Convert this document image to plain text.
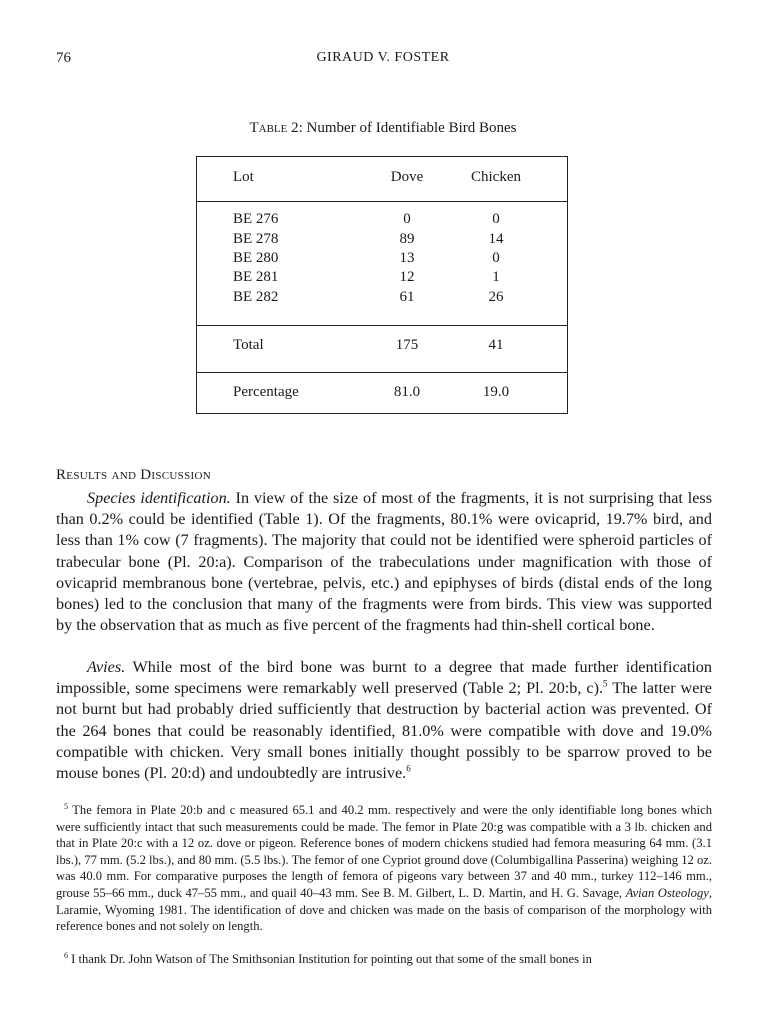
76	GIRAUD V. FOSTER
Table 2: Number of Identifiable Bird Bones
Lot	Dove	Chicken
BE 276	0	0
BE 278	89	14
BE 280	13	0
BE 281	12	1
BE 282	61	26
Total	175	41
Percentage	81.0	19.0
Results and Discussion

Species identification. In view of the size of most of the fragments, it is not surprising that less than 0.2% could be identified (Table 1). Of the fragments, 80.1% were ovicaprid, 19.7% bird, and less than 1% cow (7 fragments). The majority that could not be identified were spheroid particles of trabecular bone (Pl. 20:a). Comparison of the trabeculations under magnification with those of ovicaprid membranous bone (vertebrae, pelvis, etc.) and epiphyses of birds (distal ends of the long bones) led to the conclusion that many of the fragments were from birds. This view was supported by the observation that as much as five percent of the fragments had thin-shell cortical bone.

Avies. While most of the bird bone was burnt to a degree that made further identification impossible, some specimens were remarkably well preserved (Table 2; Pl. 20:b, c).$^5$ The latter were not burnt but had probably dried sufficiently that destruction by bacterial action was prevented. Of the 264 bones that could be reasonably identified, 81.0% were compatible with dove and 19.0% compatible with chicken. Very small bones initially thought possibly to be sparrow proved to be mouse bones (Pl. 20:d) and undoubtedly are intrusive.$^6$

$^5$ The femora in Plate 20:b and c measured 65.1 and 40.2 mm. respectively and were the only identifiable long bones which were sufficiently intact that such measurements could be made. The femor in Plate 20:g was compatible with a 3 lb. chicken and that in Plate 20:c with a 12 oz. dove or pigeon. Reference bones of modern chickens studied had femora measuring 64 mm. (3.1 lbs.), 77 mm. (5.2 lbs.), and 80 mm. (5.5 lbs.). The femor of one Cypriot ground dove (Columbigallina Passerina) weighing 12 oz. was 40.0 mm. For comparative purposes the length of femora of pigeons vary between 37 and 40 mm., turkey 112–146 mm., grouse 55–66 mm., duck 47–55 mm., and quail 40–43 mm. See B. M. Gilbert, L. D. Martin, and H. G. Savage, Avian Osteology, Laramie, Wyoming 1981. The identification of dove and chicken was made on the basis of comparison of the morphology with reference bones and not solely on length.

$^6$ I thank Dr. John Watson of The Smithsonian Institution for pointing out that some of the small bones in
